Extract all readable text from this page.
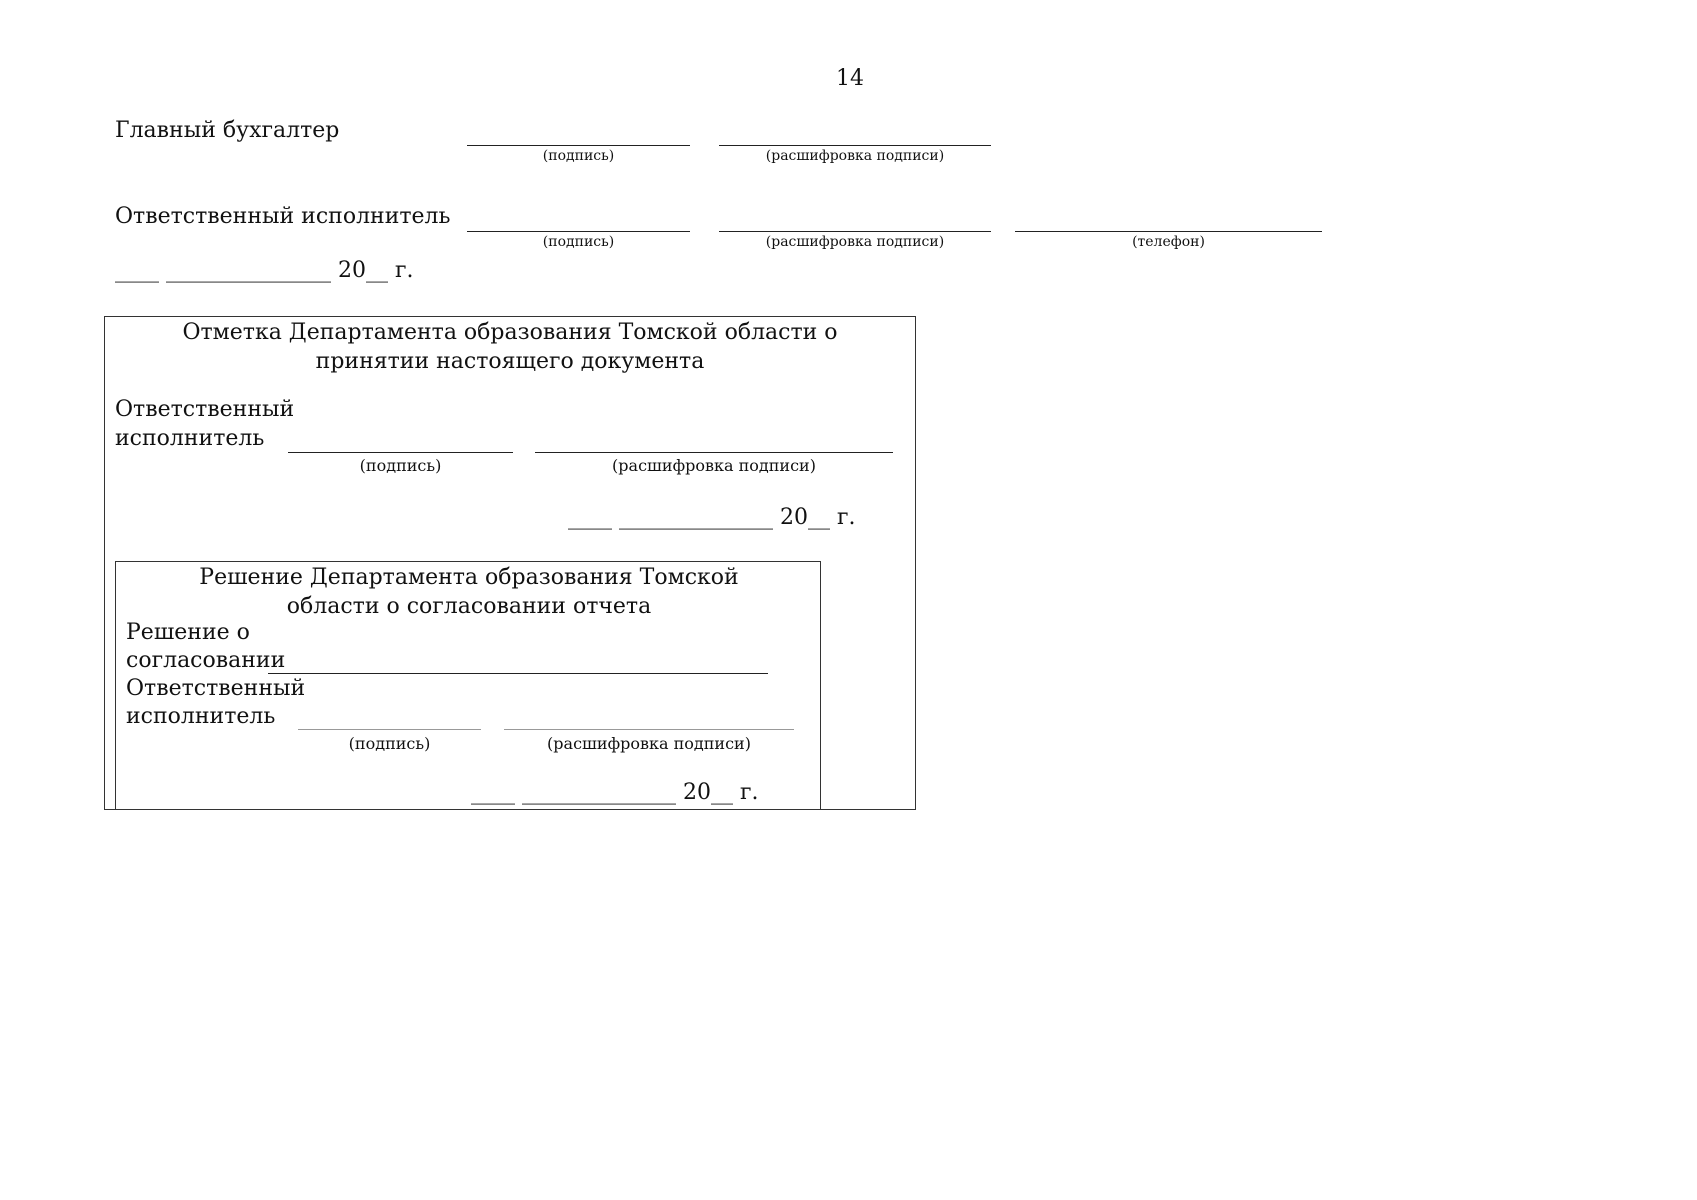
14
Главный бухгалтер
(подпись)	(расшифровка подписи)
Ответственный исполнитель
(подпись)	(расшифровка подписи)	(телефон)
____ _______________ 20__ г.
Отметка Департамента образования Томской области о принятии настоящего документа
Ответственный
исполнитель
(подпись)	(расшифровка подписи)
____ ______________ 20__ г.
Решение Департамента образования Томской области о согласовании отчета
Решение о
согласовании
Ответственный
исполнитель
(подпись)	(расшифровка подписи)
____ ______________ 20__ г.
